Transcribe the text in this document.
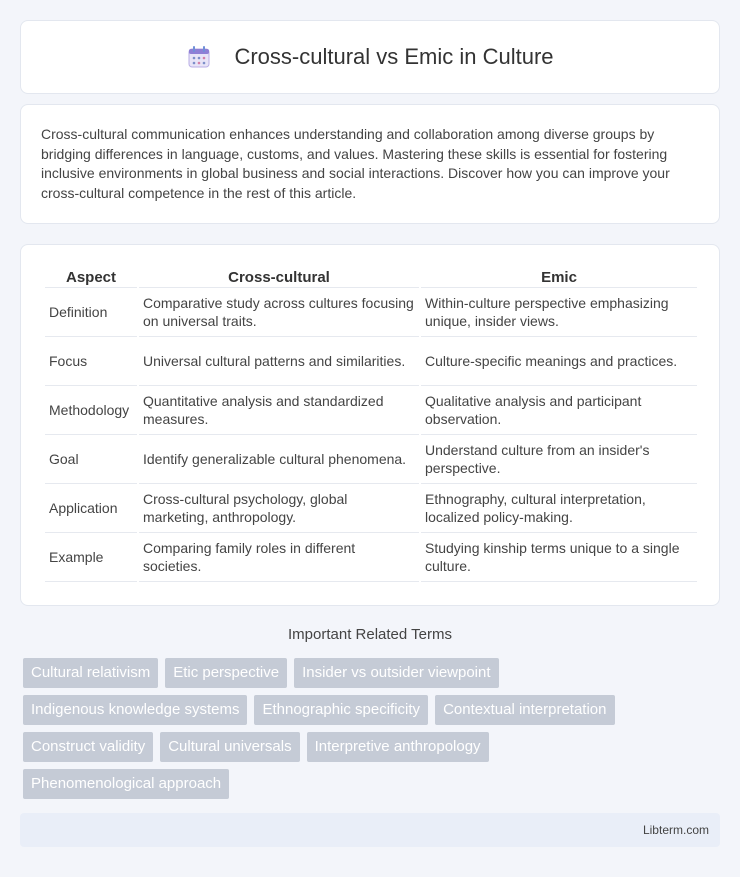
Cross-cultural vs Emic in Culture

Cross-cultural communication enhances understanding and collaboration among diverse groups by bridging differences in language, customs, and values. Mastering these skills is essential for fostering inclusive environments in global business and social interactions. Discover how you can improve your cross-cultural competence in the rest of this article.

Aspect	Cross-cultural	Emic
Definition	Comparative study across cultures focusing on universal traits.	Within-culture perspective emphasizing unique, insider views.
Focus	Universal cultural patterns and similarities.	Culture-specific meanings and practices.
Methodology	Quantitative analysis and standardized measures.	Qualitative analysis and participant observation.
Goal	Identify generalizable cultural phenomena.	Understand culture from an insider's perspective.
Application	Cross-cultural psychology, global marketing, anthropology.	Ethnography, cultural interpretation, localized policy-making.
Example	Comparing family roles in different societies.	Studying kinship terms unique to a single culture.
Important Related Terms
Cultural relativism	Etic perspective	Insider vs outsider viewpoint
Indigenous knowledge systems	Ethnographic specificity	Contextual interpretation
Construct validity	Cultural universals	Interpretive anthropology
Phenomenological approach
Libterm.com
